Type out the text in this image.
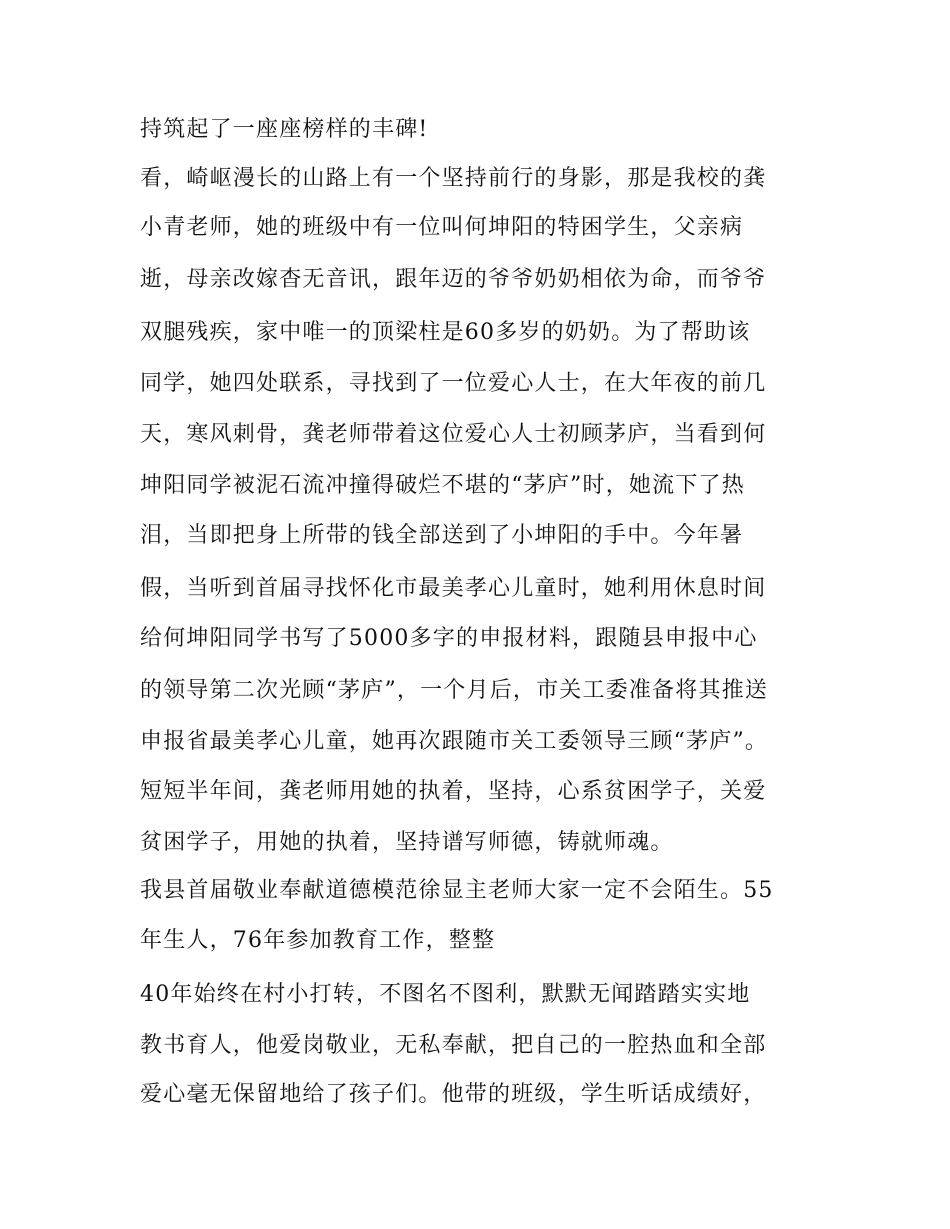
持筑起了一座座榜样的丰碑!
看，崎岖漫长的山路上有一个坚持前行的身影，那是我校的龚
小青老师，她的班级中有一位叫何坤阳的特困学生，父亲病
逝，母亲改嫁杳无音讯，跟年迈的爷爷奶奶相依为命，而爷爷
双腿残疾，家中唯一的顶梁柱是60多岁的奶奶。为了帮助该
同学，她四处联系，寻找到了一位爱心人士，在大年夜的前几
天，寒风刺骨，龚老师带着这位爱心人士初顾茅庐，当看到何
坤阳同学被泥石流冲撞得破烂不堪的“茅庐”时，她流下了热
泪，当即把身上所带的钱全部送到了小坤阳的手中。今年暑
假，当听到首届寻找怀化市最美孝心儿童时，她利用休息时间
给何坤阳同学书写了5000多字的申报材料，跟随县申报中心
的领导第二次光顾“茅庐”，一个月后，市关工委准备将其推送
申报省最美孝心儿童，她再次跟随市关工委领导三顾“茅庐”。
短短半年间，龚老师用她的执着，坚持，心系贫困学子，关爱
贫困学子，用她的执着，坚持谱写师德，铸就师魂。
我县首届敬业奉献道德模范徐显主老师大家一定不会陌生。55
年生人，76年参加教育工作，整整
40年始终在村小打转，不图名不图利，默默无闻踏踏实实地
教书育人，他爱岗敬业，无私奉献，把自己的一腔热血和全部
爱心毫无保留地给了孩子们。他带的班级，学生听话成绩好，
